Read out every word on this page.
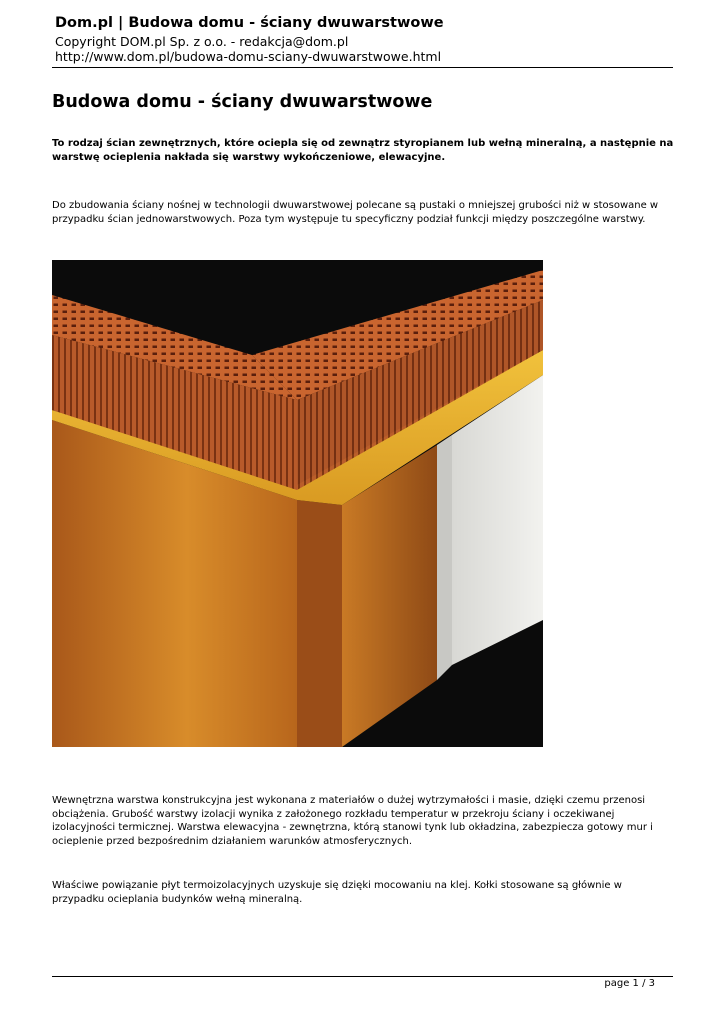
Dom.pl | Budowa domu - ściany dwuwarstwowe
Copyright DOM.pl Sp. z o.o. - redakcja@dom.pl
http://www.dom.pl/budowa-domu-sciany-dwuwarstwowe.html
Budowa domu - ściany dwuwarstwowe
To rodzaj ścian zewnętrznych, które ociepla się od zewnątrz styropianem lub wełną mineralną, a następnie na warstwę ocieplenia nakłada się warstwy wykończeniowe, elewacyjne.
Do zbudowania ściany nośnej w technologii dwuwarstwowej polecane są pustaki o mniejszej grubości niż w stosowane w przypadku ścian jednowarstwowych. Poza tym występuje tu specyficzny podział funkcji między poszczególne warstwy.
Wewnętrzna warstwa konstrukcyjna jest wykonana z materiałów o dużej wytrzymałości i masie, dzięki czemu przenosi obciążenia. Grubość warstwy izolacji wynika z założonego rozkładu temperatur w przekroju ściany i oczekiwanej izolacyjności termicznej. Warstwa elewacyjna - zewnętrzna, którą stanowi tynk lub okładzina, zabezpiecza gotowy mur i ocieplenie przed bezpośrednim działaniem warunków atmosferycznych.
Właściwe powiązanie płyt termoizolacyjnych uzyskuje się dzięki mocowaniu na klej. Kołki stosowane są głównie w przypadku ocieplania budynków wełną mineralną.
page 1 / 3
